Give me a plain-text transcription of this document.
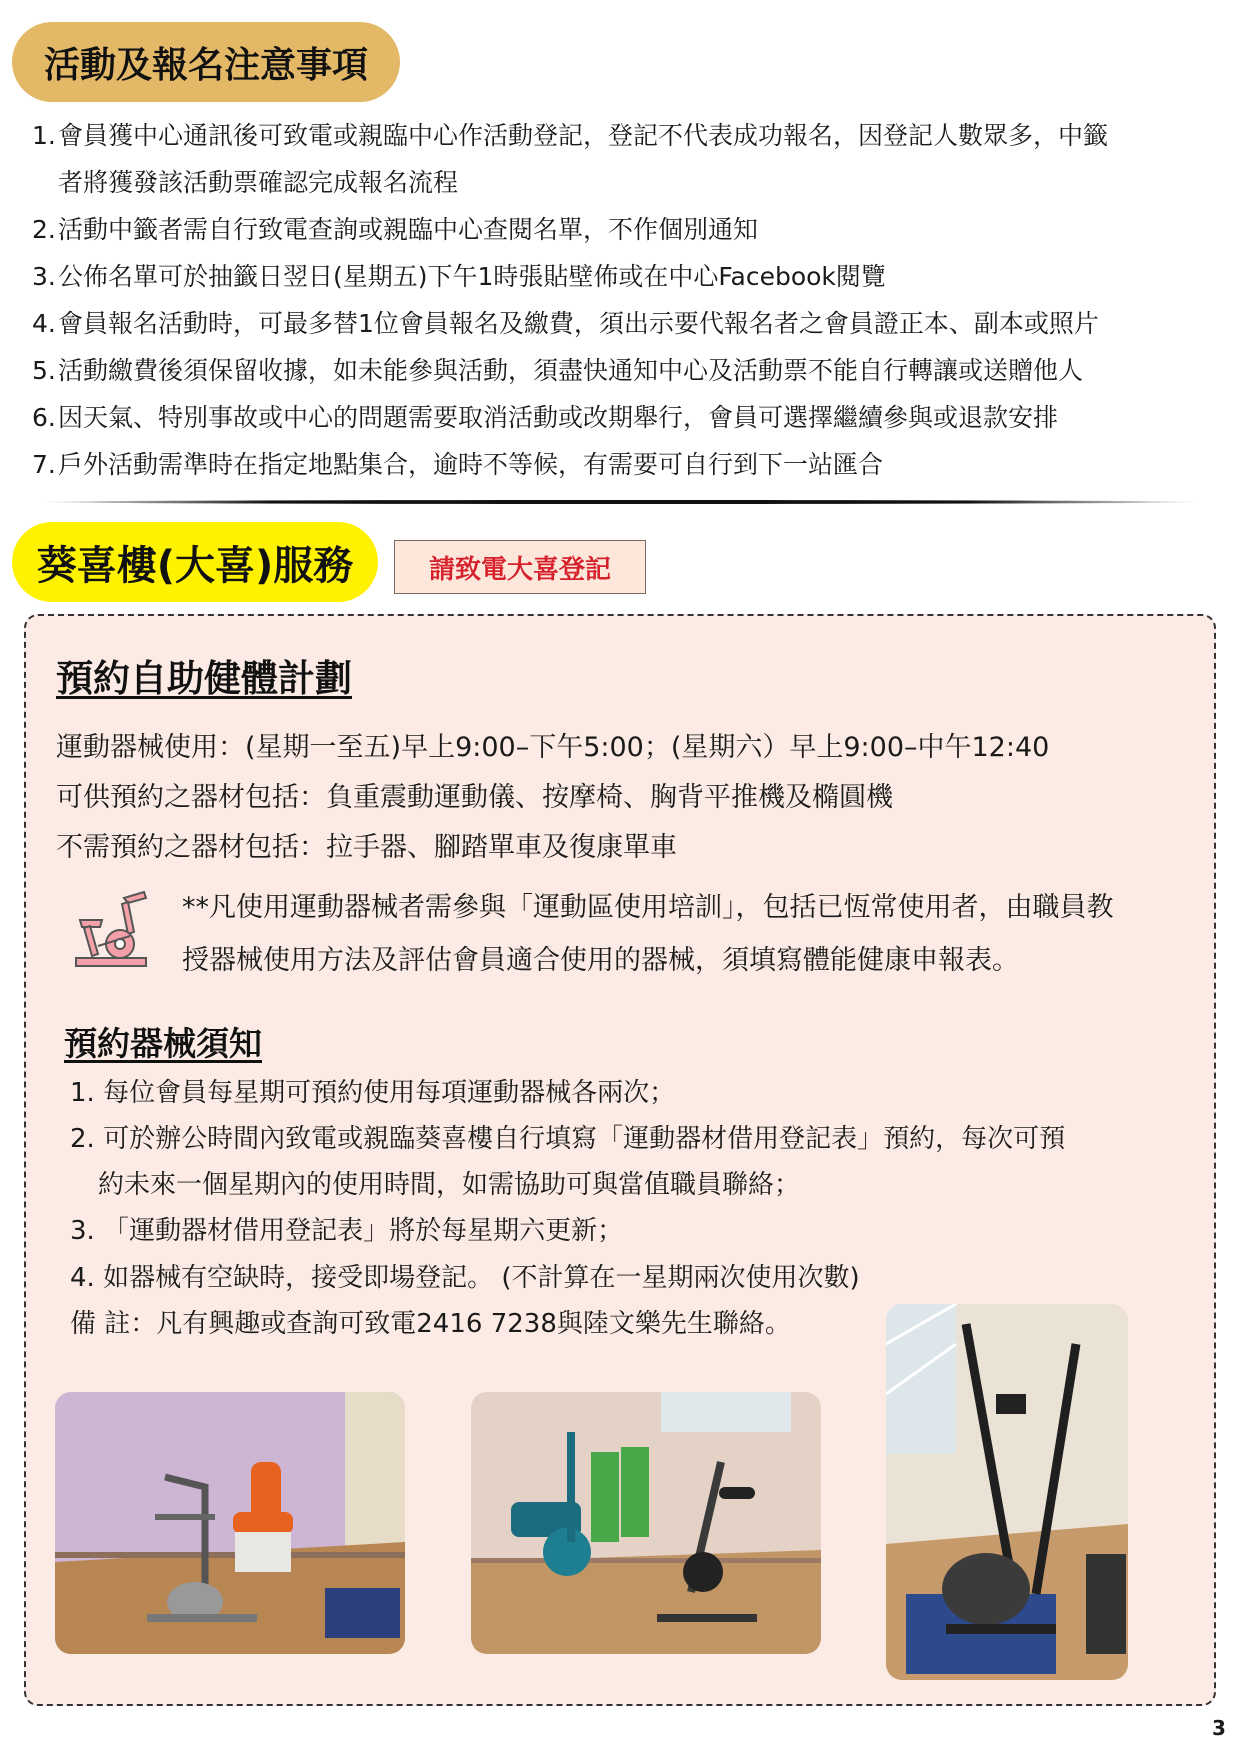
活動及報名注意事項
1. 會員獲中心通訊後可致電或親臨中心作活動登記，登記不代表成功報名，因登記人數眾多，中籤
者將獲發該活動票確認完成報名流程
2. 活動中籤者需自行致電查詢或親臨中心查閱名單，不作個別通知
3. 公佈名單可於抽籤日翌日(星期五)下午1時張貼壁佈或在中心Facebook閱覽
4. 會員報名活動時，可最多替1位會員報名及繳費，須出示要代報名者之會員證正本、副本或照片
5. 活動繳費後須保留收據，如未能參與活動，須盡快通知中心及活動票不能自行轉讓或送贈他人
6. 因天氣、特別事故或中心的問題需要取消活動或改期舉行，會員可選擇繼續參與或退款安排
7. 戶外活動需準時在指定地點集合，逾時不等候，有需要可自行到下一站匯合
葵喜樓(大喜)服務	請致電大喜登記
預約自助健體計劃
運動器械使用：(星期一至五)早上9:00–下午5:00；(星期六）早上9:00–中午12:40
可供預約之器材包括：負重震動運動儀、按摩椅、胸背平推機及橢圓機
不需預約之器材包括：拉手器、腳踏單車及復康單車
**凡使用運動器械者需參與「運動區使用培訓」，包括已恆常使用者，由職員教
授器械使用方法及評估會員適合使用的器械，須填寫體能健康申報表。
預約器械須知
1. 每位會員每星期可預約使用每項運動器械各兩次；
2. 可於辦公時間內致電或親臨葵喜樓自行填寫「運動器材借用登記表」預約，每次可預
約未來一個星期內的使用時間，如需協助可與當值職員聯絡；
3. 「運動器材借用登記表」將於每星期六更新；
4. 如器械有空缺時，接受即場登記。 (不計算在一星期兩次使用次數)
備 註：凡有興趣或查詢可致電2416 7238與陸文樂先生聯絡。
3
